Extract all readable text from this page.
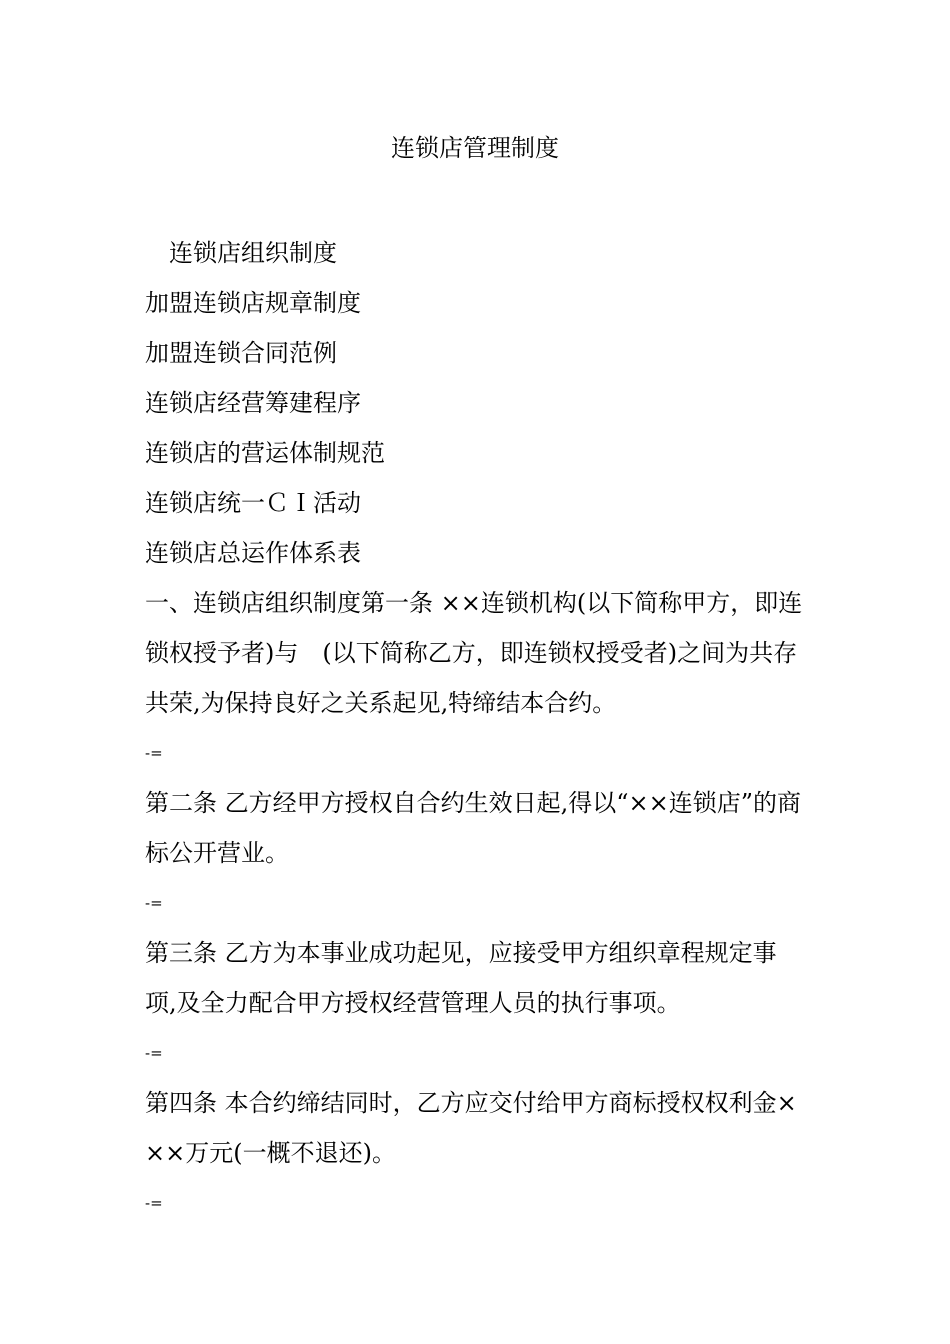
连锁店管理制度
连锁店组织制度
加盟连锁店规章制度
加盟连锁合同范例
连锁店经营筹建程序
连锁店的营运体制规范
连锁店统一ＣＩ活动
连锁店总运作体系表
一、连锁店组织制度第一条 ××连锁机构(以下简称甲方，即连锁权授予者)与　(以下简称乙方，即连锁权授受者)之间为共存共荣,为保持良好之关系起见,特缔结本合约。
-=
第二条 乙方经甲方授权自合约生效日起,得以“××连锁店”的商标公开营业。
-=
第三条 乙方为本事业成功起见，应接受甲方组织章程规定事项,及全力配合甲方授权经营管理人员的执行事项。
-=
第四条 本合约缔结同时，乙方应交付给甲方商标授权权利金×××万元(一概不退还)。
-=
